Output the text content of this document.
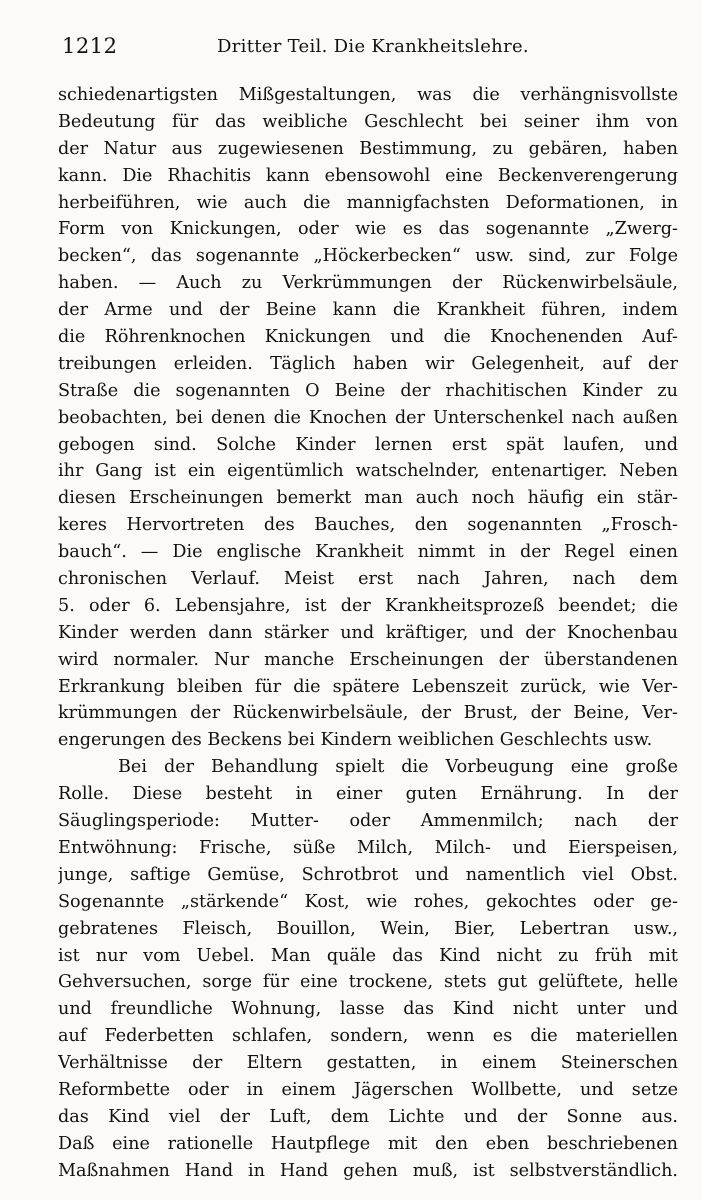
1212	Dritter Teil. Die Krankheitslehre.
schiedenartigsten Mißgestaltungen, was die verhängnisvollste
Bedeutung für das weibliche Geschlecht bei seiner ihm von
der Natur aus zugewiesenen Bestimmung, zu gebären, haben
kann. Die Rhachitis kann ebensowohl eine Beckenverengerung
herbeiführen, wie auch die mannigfachsten Deformationen, in
Form von Knickungen, oder wie es das sogenannte „Zwerg-
becken“, das sogenannte „Höckerbecken“ usw. sind, zur Folge
haben. — Auch zu Verkrümmungen der Rückenwirbelsäule,
der Arme und der Beine kann die Krankheit führen, indem
die Röhrenknochen Knickungen und die Knochenenden Auf-
treibungen erleiden. Täglich haben wir Gelegenheit, auf der
Straße die sogenannten O Beine der rhachitischen Kinder zu
beobachten, bei denen die Knochen der Unterschenkel nach außen
gebogen sind. Solche Kinder lernen erst spät laufen, und
ihr Gang ist ein eigentümlich watschelnder, entenartiger. Neben
diesen Erscheinungen bemerkt man auch noch häufig ein stär-
keres Hervortreten des Bauches, den sogenannten „Frosch-
bauch“. — Die englische Krankheit nimmt in der Regel einen
chronischen Verlauf. Meist erst nach Jahren, nach dem
5. oder 6. Lebensjahre, ist der Krankheitsprozeß beendet; die
Kinder werden dann stärker und kräftiger, und der Knochenbau
wird normaler. Nur manche Erscheinungen der überstandenen
Erkrankung bleiben für die spätere Lebenszeit zurück, wie Ver-
krümmungen der Rückenwirbelsäule, der Brust, der Beine, Ver-
engerungen des Beckens bei Kindern weiblichen Geschlechts usw.
Bei der Behandlung spielt die Vorbeugung eine große
Rolle. Diese besteht in einer guten Ernährung. In der
Säuglingsperiode: Mutter- oder Ammenmilch; nach der
Entwöhnung: Frische, süße Milch, Milch- und Eierspeisen,
junge, saftige Gemüse, Schrotbrot und namentlich viel Obst.
Sogenannte „stärkende“ Kost, wie rohes, gekochtes oder ge-
gebratenes Fleisch, Bouillon, Wein, Bier, Lebertran usw.,
ist nur vom Uebel. Man quäle das Kind nicht zu früh mit
Gehversuchen, sorge für eine trockene, stets gut gelüftete, helle
und freundliche Wohnung, lasse das Kind nicht unter und
auf Federbetten schlafen, sondern, wenn es die materiellen
Verhältnisse der Eltern gestatten, in einem Steinerschen
Reformbette oder in einem Jägerschen Wollbette, und setze
das Kind viel der Luft, dem Lichte und der Sonne aus.
Daß eine rationelle Hautpflege mit den eben beschriebenen
Maßnahmen Hand in Hand gehen muß, ist selbstverständlich.
